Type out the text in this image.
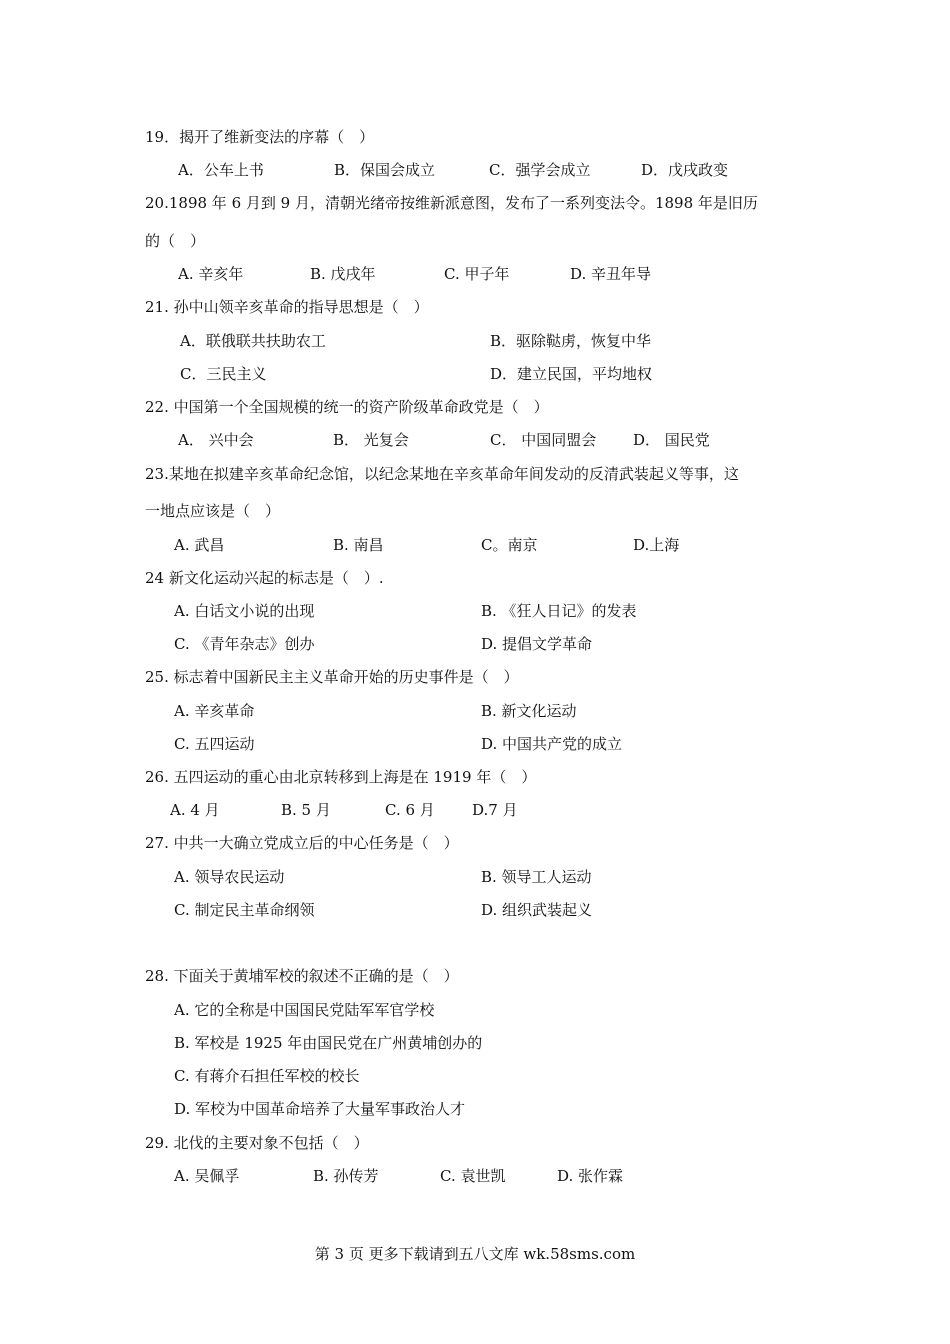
19．揭开了维新变法的序幕（　）
A．公车上书	B．保国会成立	C．强学会成立	D．戊戌政变
20.1898 年 6 月到 9 月，清朝光绪帝按维新派意图，发布了一系列变法令。1898 年是旧历
的（　）
A. 辛亥年	B. 戊戌年	C. 甲子年	D. 辛丑年导
21. 孙中山领辛亥革命的指导思想是（　）
A．联俄联共扶助农工	B．驱除鞑虏，恢复中华
C．三民主义	D．建立民国，平均地权
22. 中国第一个全国规模的统一的资产阶级革命政党是（　）
A． 兴中会	B． 光复会	C． 中国同盟会 D． 国民党
23.某地在拟建辛亥革命纪念馆，以纪念某地在辛亥革命年间发动的反清武装起义等事，这
一地点应该是（　）
A. 武昌	B. 南昌	C。南京	D.上海
24 新文化运动兴起的标志是（　）.
A. 白话文小说的出现	B. 《狂人日记》的发表
C. 《青年杂志》创办	D. 提倡文学革命
25. 标志着中国新民主主义革命开始的历史事件是（　）
A. 辛亥革命	B. 新文化运动
C. 五四运动	D. 中国共产党的成立
26. 五四运动的重心由北京转移到上海是在 1919 年（　）
A. 4 月	B. 5 月	C. 6 月 D.7 月
27. 中共一大确立党成立后的中心任务是（　）
A. 领导农民运动	B. 领导工人运动
C. 制定民主革命纲领	D. 组织武装起义
28. 下面关于黄埔军校的叙述不正确的是（　）
A. 它的全称是中国国民党陆军军官学校
B. 军校是 1925 年由国民党在广州黄埔创办的
C. 有蒋介石担任军校的校长
D. 军校为中国革命培养了大量军事政治人才
29. 北伐的主要对象不包括（　）
A. 吴佩孚	B. 孙传芳	C. 袁世凯	D. 张作霖
第 3 页 更多下载请到五八文库 wk.58sms.com
